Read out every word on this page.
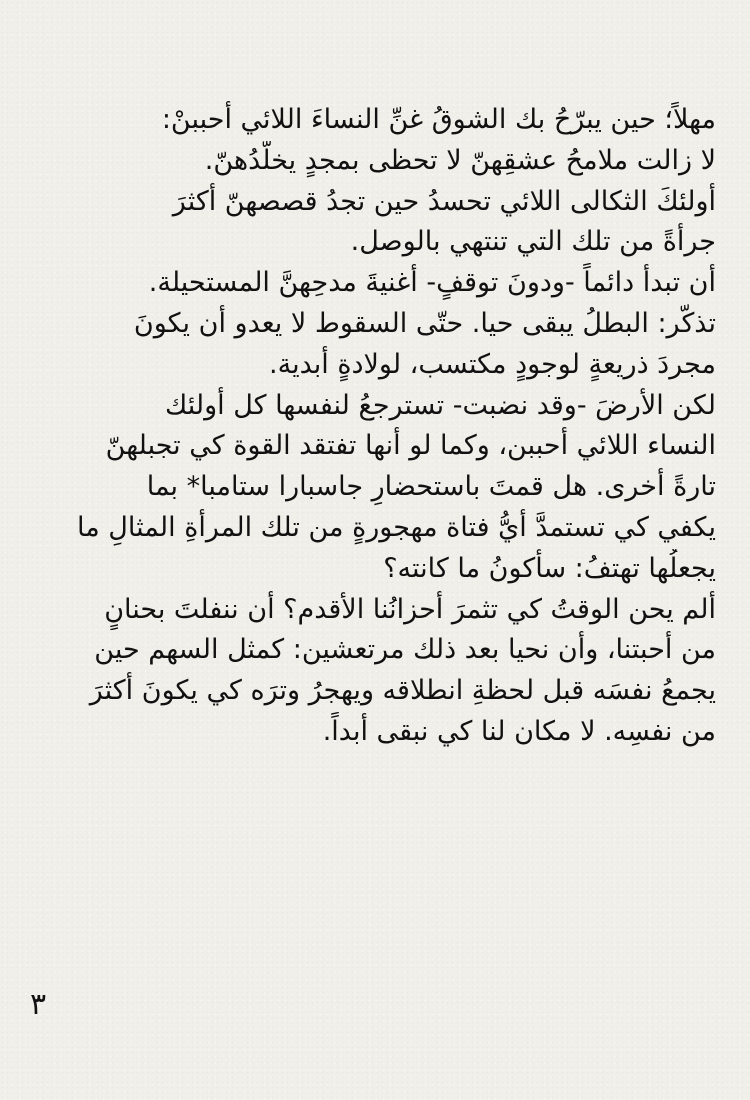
مهلاً؛ حين يبرّحُ بك الشوقُ غنِّ النساءَ اللائي أحببنْ:
لا زالت ملامحُ عشقِهنّ لا تحظى بمجدٍ يخلّدُهنّ.
أولئكَ الثكالى اللائي تحسدُ حين تجدُ قصصهنّ أكثرَ
جرأةً من تلك التي تنتهي بالوصل.
أن تبدأ دائماً -ودونَ توقفٍ- أغنيةَ مدحِهنَّ المستحيلة.
تذكّر: البطلُ يبقى حيا. حتّى السقوط لا يعدو أن يكونَ
مجردَ ذريعةٍ لوجودٍ مكتسب، لولادةٍ أبدية.
لكن الأرضَ -وقد نضبت- تسترجعُ لنفسها كل أولئك
النساء اللائي أحببن، وكما لو أنها تفتقد القوة كي تجبلهنّ
تارةً أخرى. هل قمتَ باستحضارِ جاسبارا ستامبا* بما
يكفي كي تستمدَّ أيُّ فتاة مهجورةٍ من تلك المرأةِ المثالِ ما
يجعلُها تهتفُ: سأكونُ ما كانته؟
ألم يحن الوقتُ كي تثمرَ أحزانُنا الأقدم؟ أن ننفلتَ بحنانٍ
من أحبتنا، وأن نحيا بعد ذلك مرتعشين: كمثل السهم حين
يجمعُ نفسَه قبل لحظةِ انطلاقه ويهجرُ وترَه كي يكونَ أكثرَ
من نفسِه. لا مكان لنا كي نبقى أبداً.
٣
